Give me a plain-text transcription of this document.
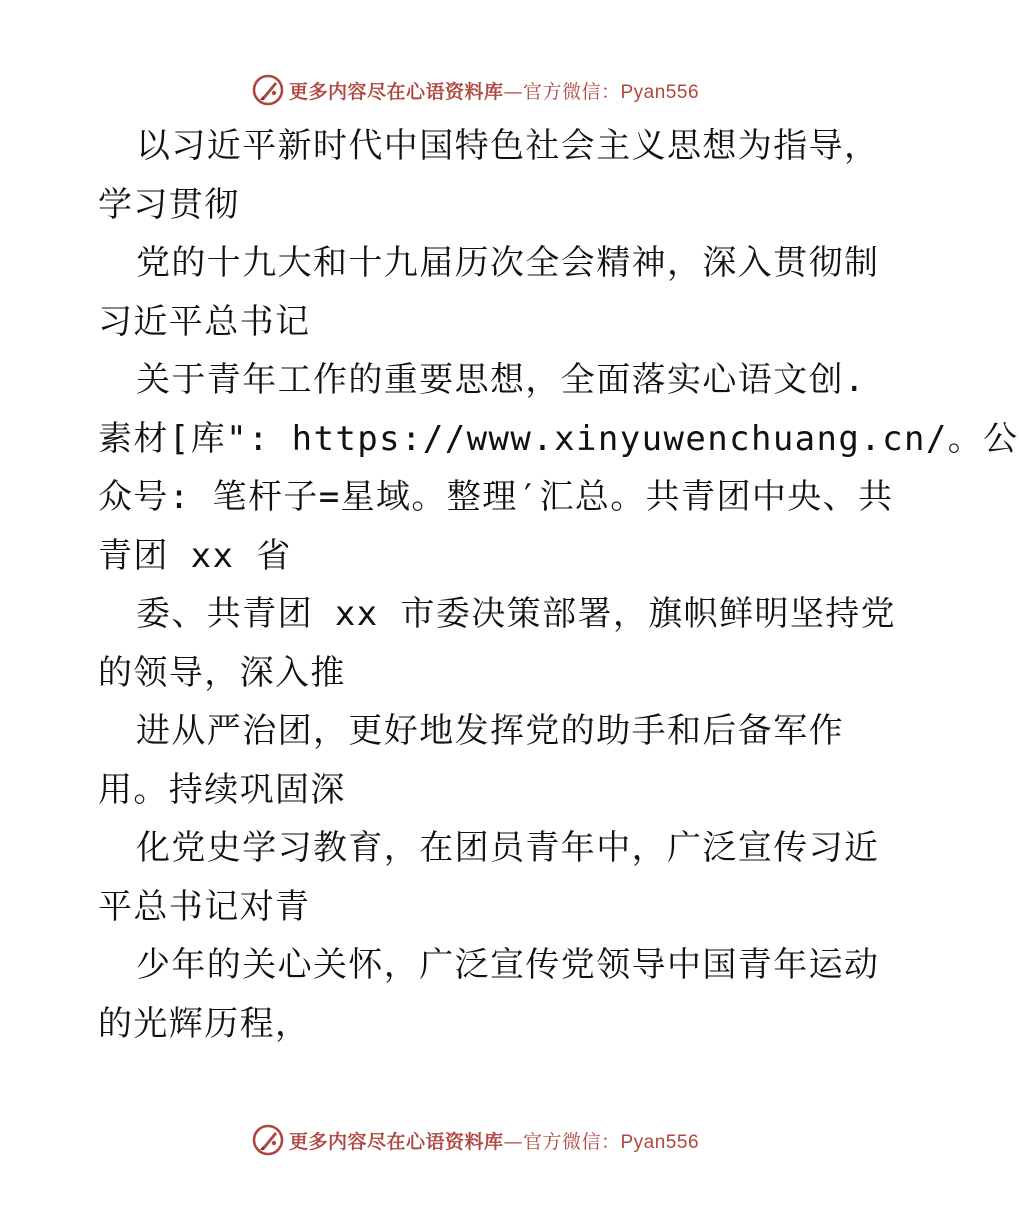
更多内容尽在心语资料库 — 官方微信： Pyan556
以习近平新时代中国特色社会主义思想为指导，
学习贯彻
党的十九大和十九届历次全会精神，深入贯彻制
习近平总书记
关于青年工作的重要思想，全面落实心语文创.
素材[库": https://www.xinyuwenchuang.cn/。公
众号: 笔杆子=星域。整理′汇总。共青团中央、共
青团 xx 省
委、共青团 xx 市委决策部署，旗帜鲜明坚持党
的领导，深入推
进从严治团，更好地发挥党的助手和后备军作
用。持续巩固深
化党史学习教育，在团员青年中，广泛宣传习近
平总书记对青
少年的关心关怀，广泛宣传党领导中国青年运动
的光辉历程，
更多内容尽在心语资料库 — 官方微信： Pyan556
